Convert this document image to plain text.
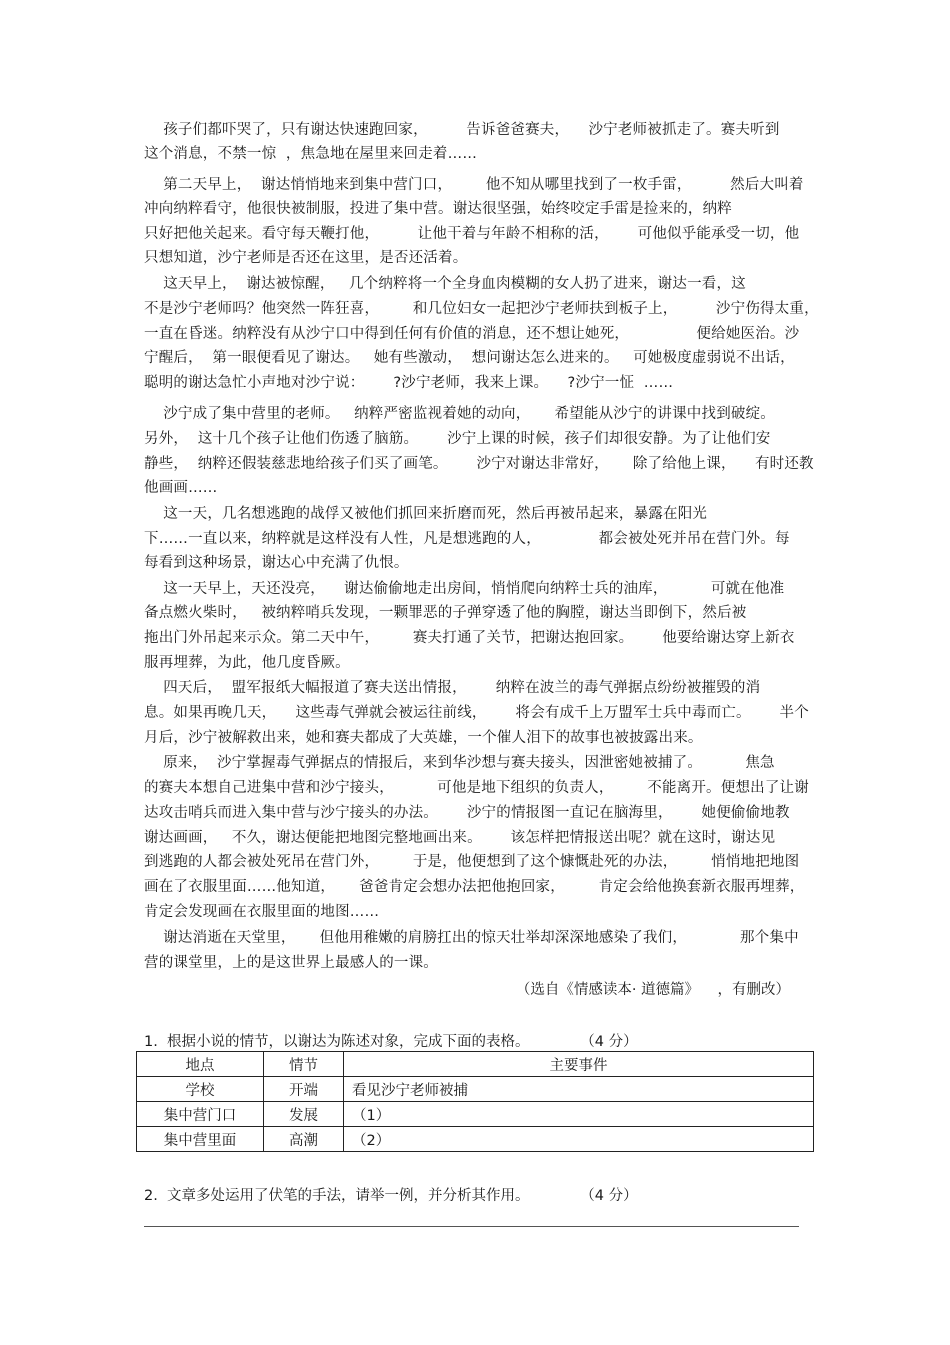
孩子们都吓哭了，只有谢达快速跑回家，        告诉爸爸赛夫，    沙宁老师被抓走了。赛夫听到
这个消息，不禁一惊  ，焦急地在屋里来回走着……
第二天早上，  谢达悄悄地来到集中营门口，       他不知从哪里找到了一枚手雷，        然后大叫着
冲向纳粹看守，他很快被制服，投进了集中营。谢达很坚强，始终咬定手雷是捡来的，纳粹
只好把他关起来。看守每天鞭打他，        让他干着与年龄不相称的活，      可他似乎能承受一切，他
只想知道，沙宁老师是否还在这里，是否还活着。
这天早上，  谢达被惊醒，   几个纳粹将一个全身血肉模糊的女人扔了进来，谢达一看，这
不是沙宁老师吗？他突然一阵狂喜，       和几位妇女一起把沙宁老师扶到板子上，        沙宁伤得太重，
一直在昏迷。纳粹没有从沙宁口中得到任何有价值的消息，还不想让她死，              便给她医治。沙
宁醒后，  第一眼便看见了谢达。   她有些激动，  想问谢达怎么进来的。   可她极度虚弱说不出话，
聪明的谢达急忙小声地对沙宁说：      ?沙宁老师，我来上课。    ?沙宁一怔  ……
沙宁成了集中营里的老师。   纳粹严密监视着她的动向，     希望能从沙宁的讲课中找到破绽。
另外，  这十几个孩子让他们伤透了脑筋。      沙宁上课的时候，孩子们却很安静。为了让他们安
静些，  纳粹还假装慈悲地给孩子们买了画笔。      沙宁对谢达非常好，     除了给他上课，    有时还教
他画画……
这一天，几名想逃跑的战俘又被他们抓回来折磨而死，然后再被吊起来，暴露在阳光
下……一直以来，纳粹就是这样没有人性，凡是想逃跑的人，            都会被处死并吊在营门外。每
每看到这种场景，谢达心中充满了仇恨。
这一天早上，天还没亮，    谢达偷偷地走出房间，悄悄爬向纳粹士兵的油库，         可就在他准
备点燃火柴时，   被纳粹哨兵发现，一颗罪恶的子弹穿透了他的胸膛，谢达当即倒下，然后被
拖出门外吊起来示众。第二天中午，       赛夫打通了关节，把谢达抱回家。      他要给谢达穿上新衣
服再埋葬，为此，他几度昏厥。
四天后，  盟军报纸大幅报道了赛夫送出情报，      纳粹在波兰的毒气弹据点纷纷被摧毁的消
息。如果再晚几天，    这些毒气弹就会被运往前线，      将会有成千上万盟军士兵中毒而亡。      半个
月后，沙宁被解救出来，她和赛夫都成了大英雄，一个催人泪下的故事也被披露出来。
原来，  沙宁掌握毒气弹据点的情报后，来到华沙想与赛夫接头，因泄密她被捕了。         焦急
的赛夫本想自己进集中营和沙宁接头，         可他是地下组织的负责人，       不能离开。便想出了让谢
达攻击哨兵而进入集中营与沙宁接头的办法。      沙宁的情报图一直记在脑海里，      她便偷偷地教
谢达画画，   不久，谢达便能把地图完整地画出来。      该怎样把情报送出呢？就在这时，谢达见
到逃跑的人都会被处死吊在营门外，       于是，他便想到了这个慷慨赴死的办法，       悄悄地把地图
画在了衣服里面……他知道，     爸爸肯定会想办法把他抱回家，       肯定会给他换套新衣服再埋葬，
肯定会发现画在衣服里面的地图……
谢达消逝在天堂里，     但他用稚嫩的肩膀扛出的惊天壮举却深深地感染了我们，           那个集中
营的课堂里，上的是这世界上最感人的一课。
（选自《情感读本· 道德篇》    ，有删改）
1.  根据小说的情节，以谢达为陈述对象，完成下面的表格。           （4 分）
地点	情节	主要事件
学校	开端	看见沙宁老师被捕
集中营门口	发展	（1）
集中营里面	高潮	（2）
2.  文章多处运用了伏笔的手法，请举一例，并分析其作用。           （4 分）
